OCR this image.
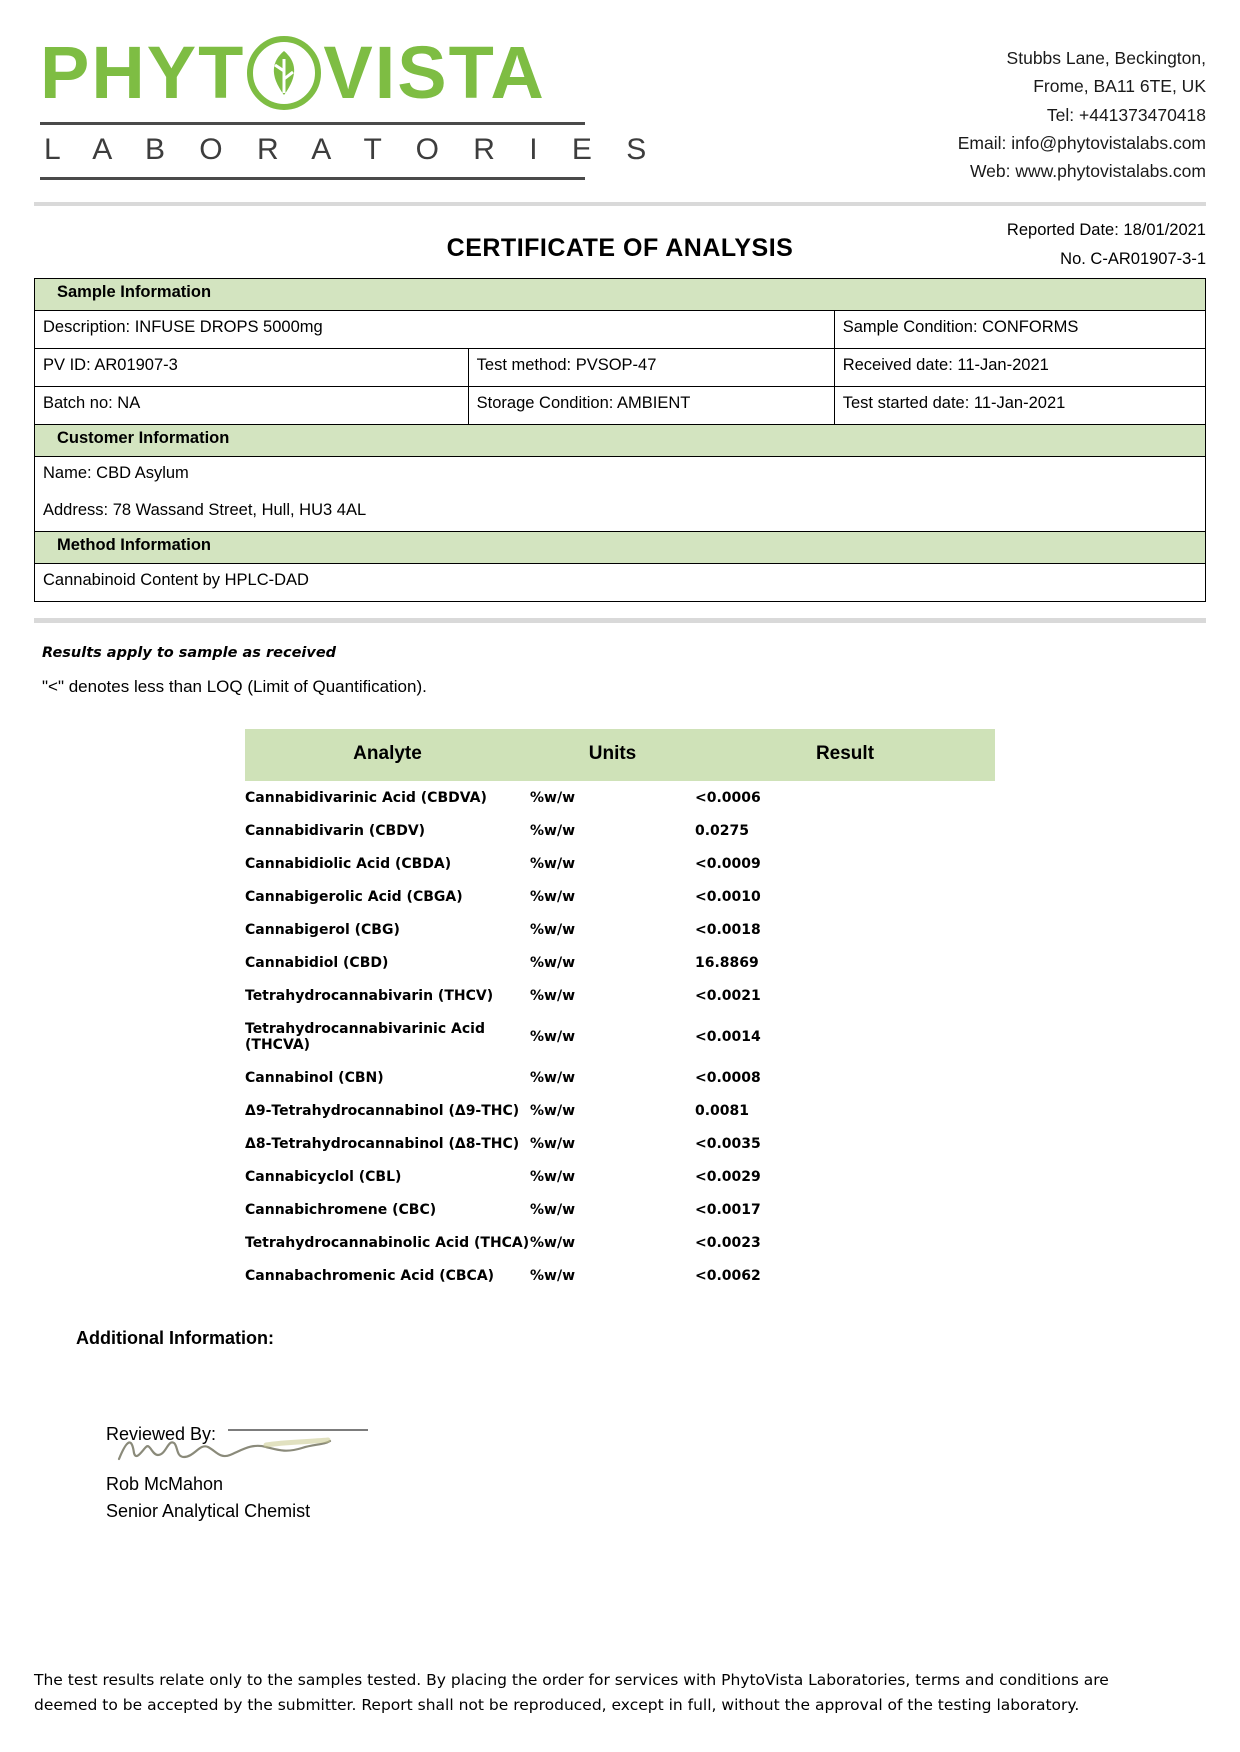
PHYT VISTA
L A B O R A T O R I E S
Stubbs Lane, Beckington,
Frome, BA11 6TE, UK
Tel: +441373470418
Email: info@phytovistalabs.com
Web: www.phytovistalabs.com
Reported Date: 18/01/2021
No. C-AR01907-3-1
CERTIFICATE OF ANALYSIS
Sample Information		
Description: INFUSE DROPS 5000mg		Sample Condition: CONFORMS
PV ID: AR01907-3	Test method: PVSOP-47	Received date: 11-Jan-2021
Batch no: NA	Storage Condition: AMBIENT	Test started date: 11-Jan-2021
Customer Information		
Name: CBD Asylum		
Address: 78 Wassand Street, Hull, HU3 4AL		
Method Information		
Cannabinoid Content by HPLC-DAD		
Results apply to sample as received
"<" denotes less than LOQ (Limit of Quantification).
Analyte	Units	Result
Cannabidivarinic Acid (CBDVA)	%w/w	<0.0006
Cannabidivarin (CBDV)	%w/w	0.0275
Cannabidiolic Acid (CBDA)	%w/w	<0.0009
Cannabigerolic Acid (CBGA)	%w/w	<0.0010
Cannabigerol (CBG)	%w/w	<0.0018
Cannabidiol (CBD)	%w/w	16.8869
Tetrahydrocannabivarin (THCV)	%w/w	<0.0021
Tetrahydrocannabivarinic Acid (THCVA)	%w/w	<0.0014
Cannabinol (CBN)	%w/w	<0.0008
Δ9-Tetrahydrocannabinol (Δ9-THC)	%w/w	0.0081
Δ8-Tetrahydrocannabinol (Δ8-THC)	%w/w	<0.0035
Cannabicyclol (CBL)	%w/w	<0.0029
Cannabichromene (CBC)	%w/w	<0.0017
Tetrahydrocannabinolic Acid (THCA)	%w/w	<0.0023
Cannabachromenic Acid (CBCA)	%w/w	<0.0062
Additional Information:
Reviewed By:
Rob McMahon
Senior Analytical Chemist
The test results relate only to the samples tested. By placing the order for services with PhytoVista Laboratories, terms and conditions are
deemed to be accepted by the submitter. Report shall not be reproduced, except in full, without the approval of the testing laboratory.
